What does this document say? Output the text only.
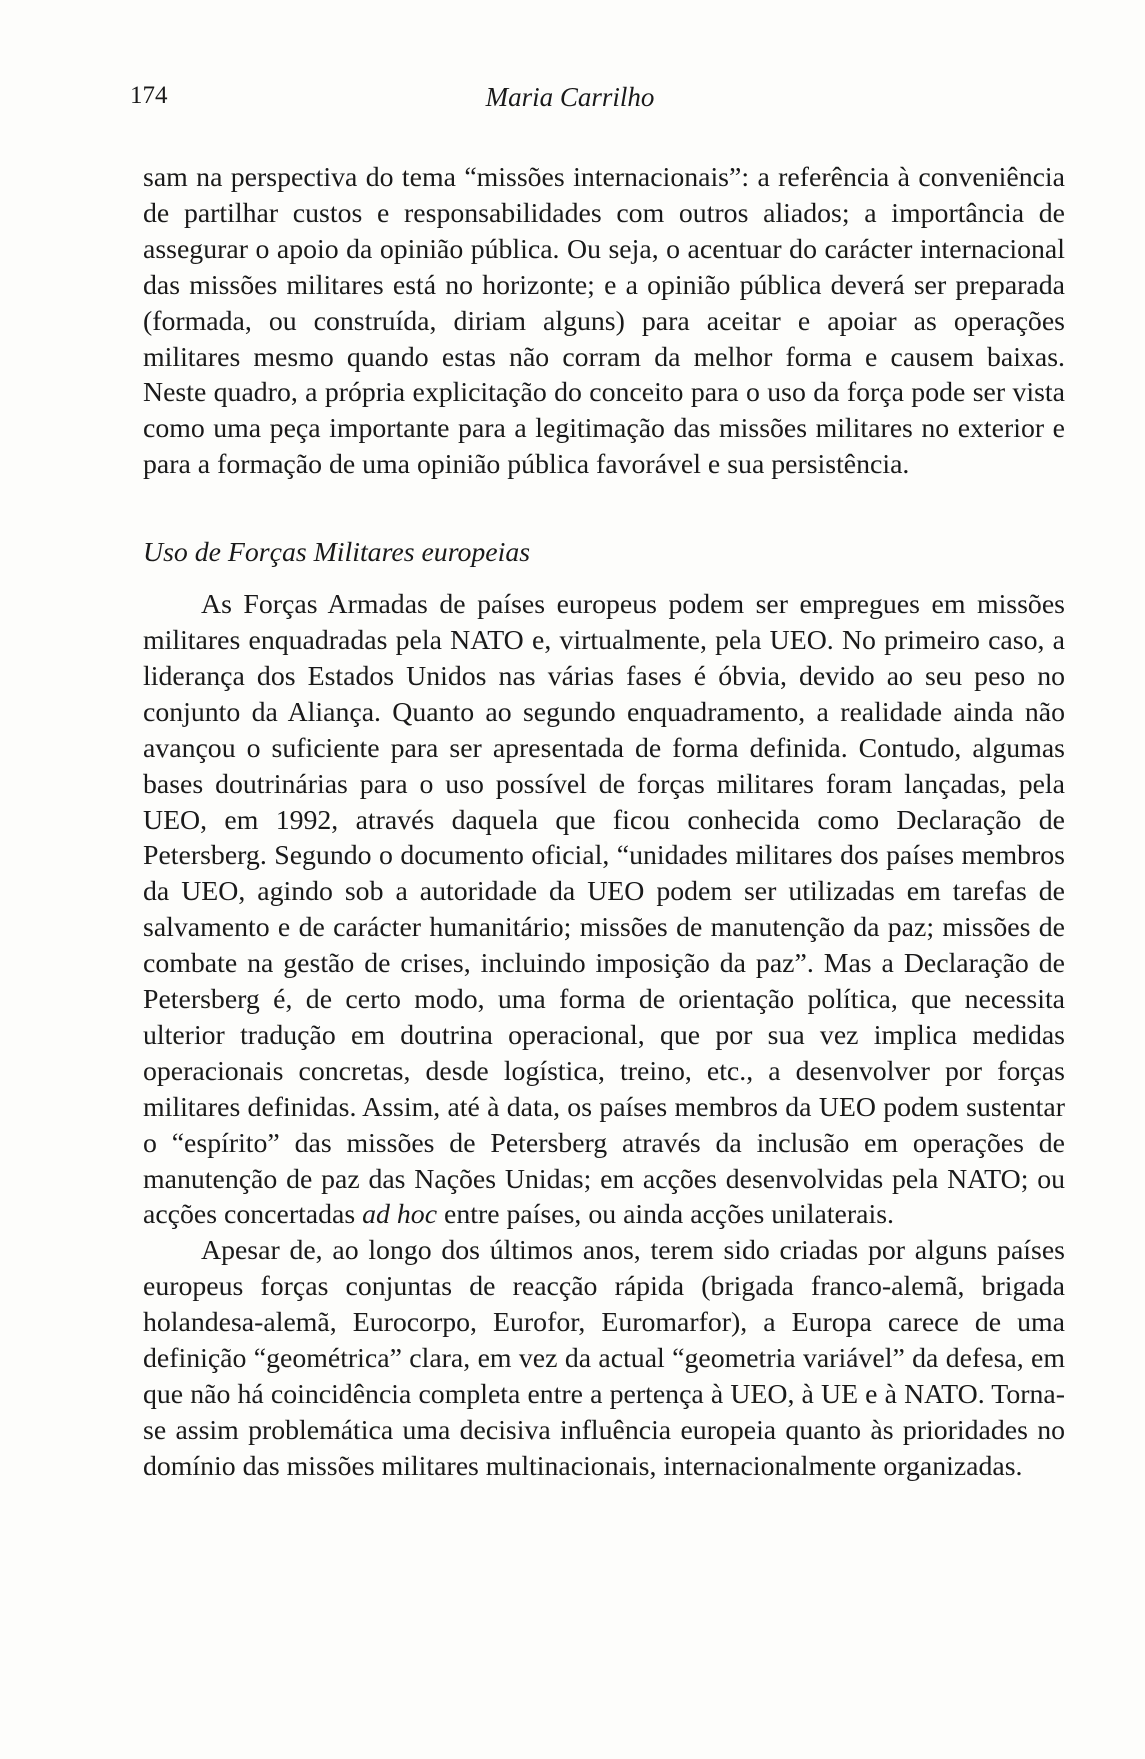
174	Maria Carrilho

sam na perspectiva do tema “missões internacionais”: a referência à conveniência de partilhar custos e responsabilidades com outros aliados; a importância de assegurar o apoio da opinião pública. Ou seja, o acentuar do carácter internacional das missões militares está no horizonte; e a opinião pública deverá ser preparada (formada, ou construída, diriam alguns) para aceitar e apoiar as operações militares mesmo quando estas não corram da melhor forma e causem baixas. Neste quadro, a própria explicitação do conceito para o uso da força pode ser vista como uma peça importante para a legitimação das missões militares no exterior e para a formação de uma opinião pública favorável e sua persistência.

Uso de Forças Militares europeias

As Forças Armadas de países europeus podem ser empregues em missões militares enquadradas pela NATO e, virtualmente, pela UEO. No primeiro caso, a liderança dos Estados Unidos nas várias fases é óbvia, devido ao seu peso no conjunto da Aliança. Quanto ao segundo enquadramento, a realidade ainda não avançou o suficiente para ser apresentada de forma definida. Contudo, algumas bases doutrinárias para o uso possível de forças militares foram lançadas, pela UEO, em 1992, através daquela que ficou conhecida como Declaração de Petersberg. Segundo o documento oficial, “unidades militares dos países membros da UEO, agindo sob a autoridade da UEO podem ser utilizadas em tarefas de salvamento e de carácter humanitário; missões de manutenção da paz; missões de combate na gestão de crises, incluindo imposição da paz”. Mas a Declaração de Petersberg é, de certo modo, uma forma de orientação política, que necessita ulterior tradução em doutrina operacional, que por sua vez implica medidas operacionais concretas, desde logística, treino, etc., a desenvolver por forças militares definidas. Assim, até à data, os países membros da UEO podem sustentar o “espírito” das missões de Petersberg através da inclusão em operações de manutenção de paz das Nações Unidas; em acções desenvolvidas pela NATO; ou acções concertadas ad hoc entre países, ou ainda acções unilaterais.

Apesar de, ao longo dos últimos anos, terem sido criadas por alguns países europeus forças conjuntas de reacção rápida (brigada franco-alemã, brigada holandesa-alemã, Eurocorpo, Eurofor, Euromarfor), a Europa carece de uma definição “geométrica” clara, em vez da actual “geometria variável” da defesa, em que não há coincidência completa entre a pertença à UEO, à UE e à NATO. Torna-se assim problemática uma decisiva influência europeia quanto às prioridades no domínio das missões militares multinacionais, internacionalmente organizadas.
